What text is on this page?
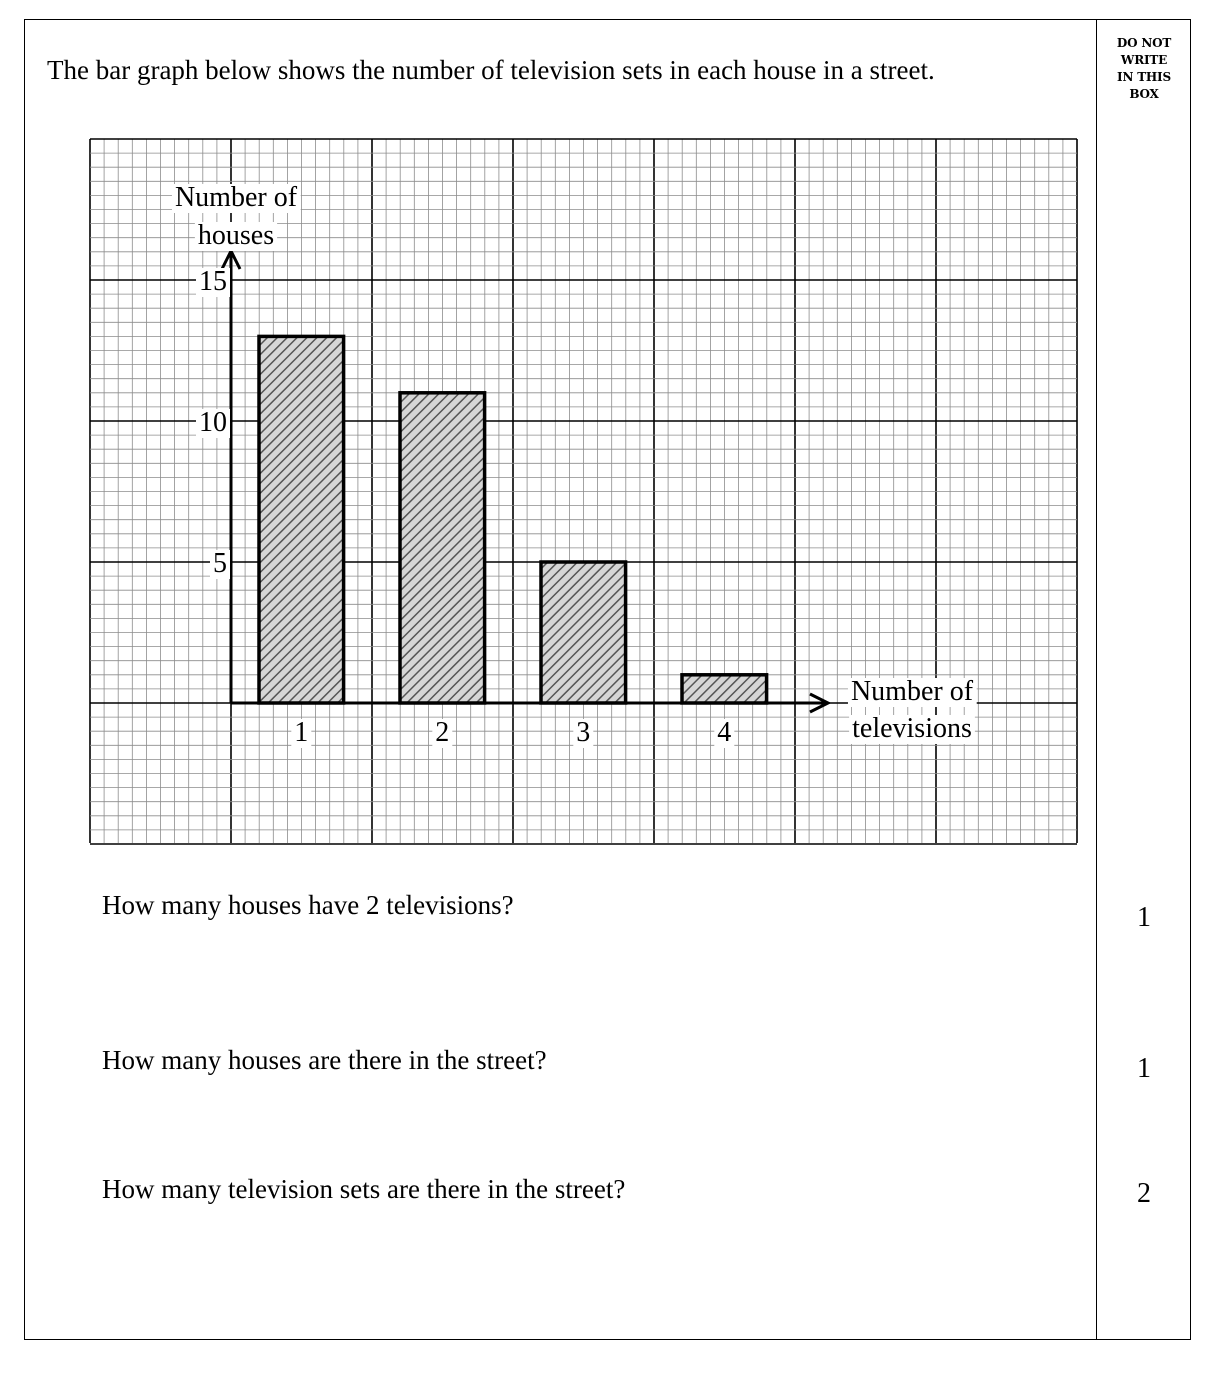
DO NOT
WRITE
IN THIS
BOX
The bar graph below shows the number of television sets in each house in a street.
5
10
15
1	2	3	4
Number of
houses
Number of
televisions
How many houses have 2 televisions?	1
How many houses are there in the street?	1
How many television sets are there in the street?	2
